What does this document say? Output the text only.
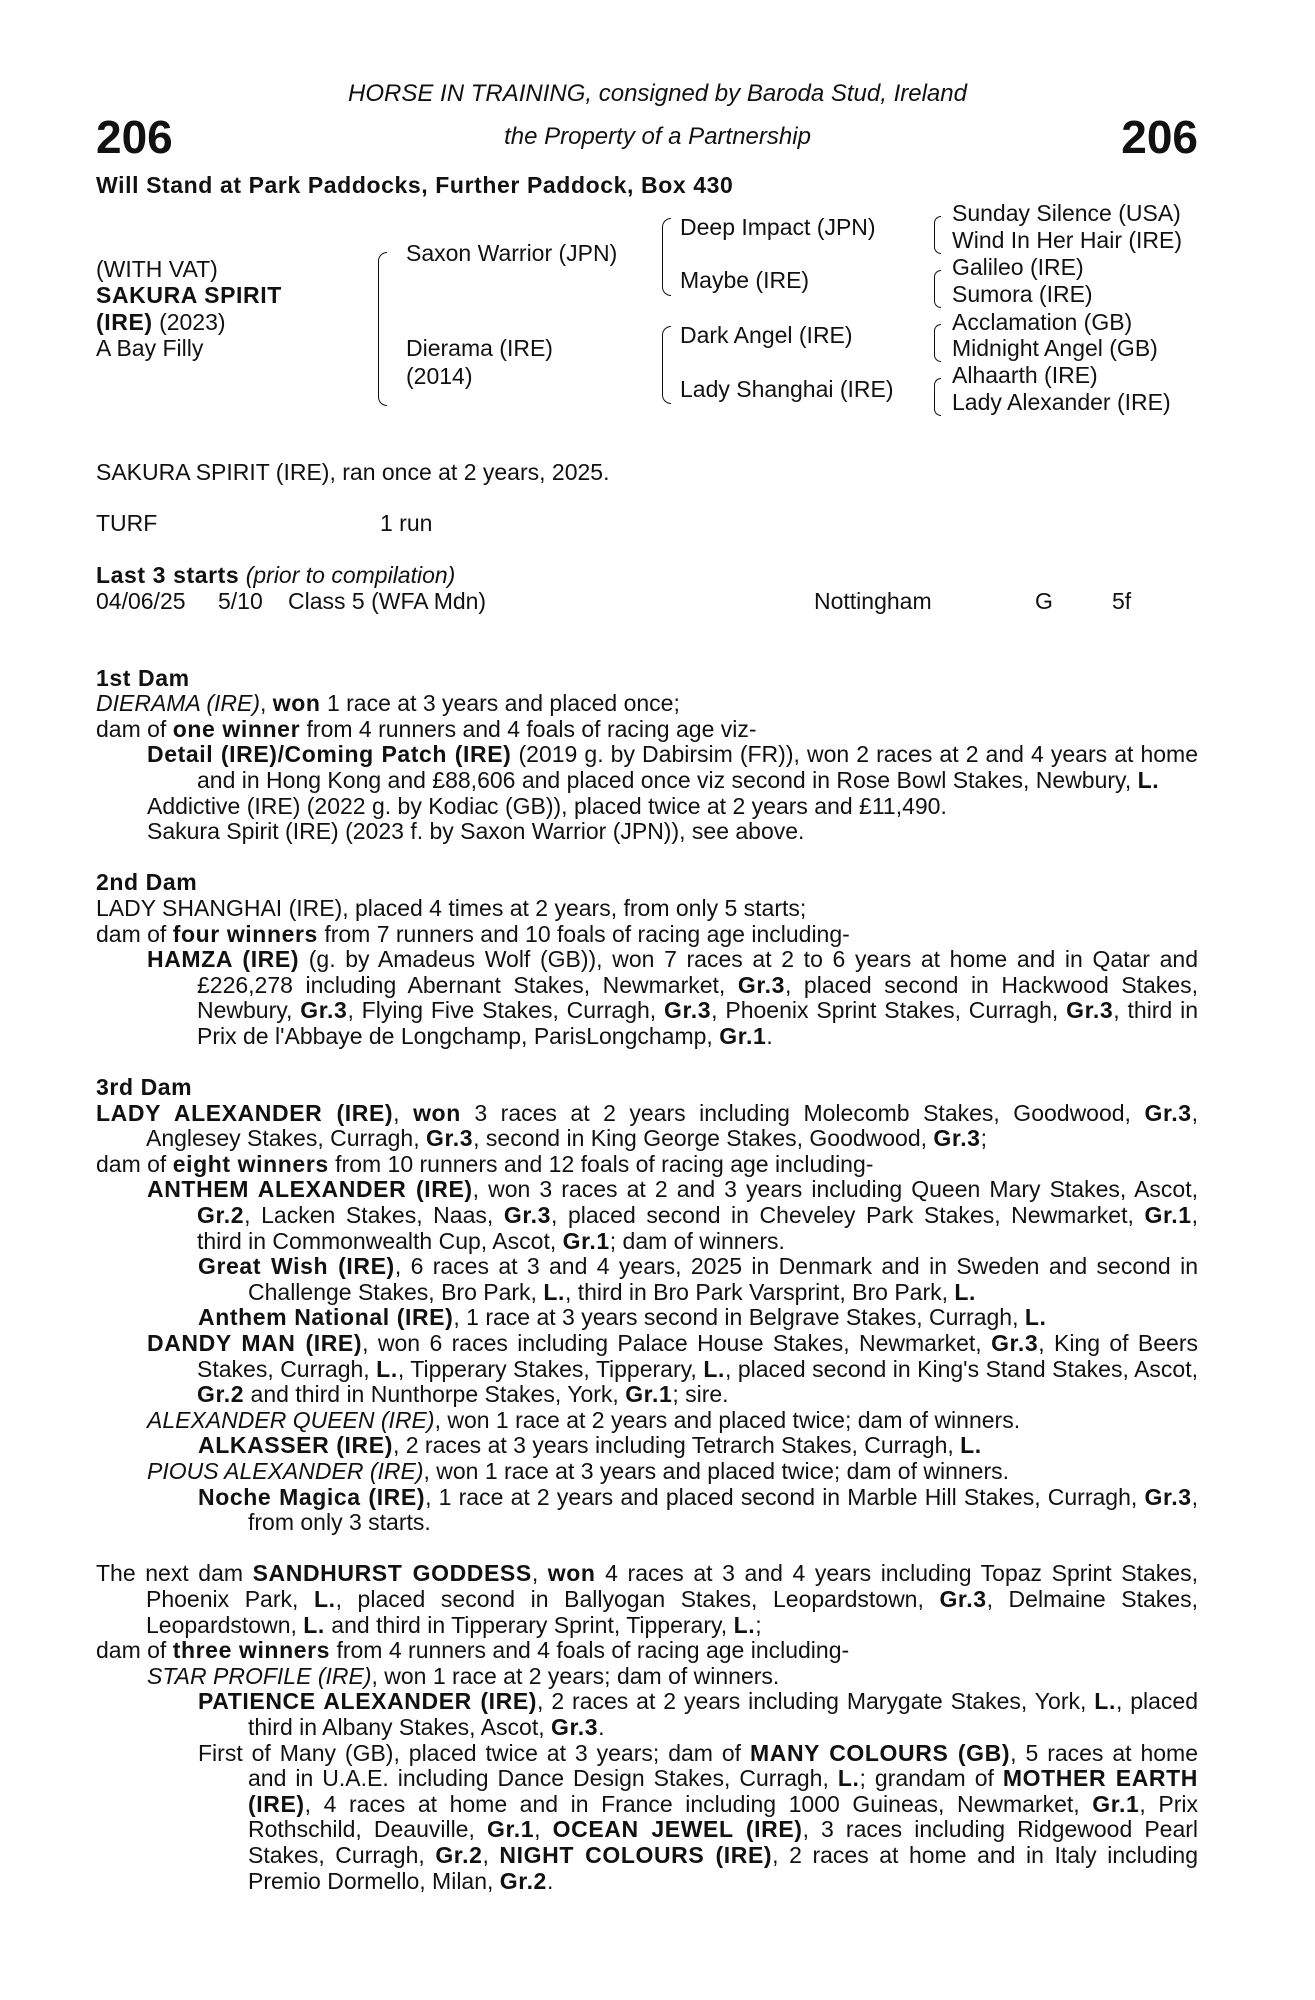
HORSE IN TRAINING, consigned by Baroda Stud, Ireland
206	the Property of a Partnership	206
Will Stand at Park Paddocks, Further Paddock, Box 430
(WITH VAT)
SAKURA SPIRIT
(IRE) (2023)
A Bay Filly
Saxon Warrior (JPN)
Dierama (IRE)
(2014)
Deep Impact (JPN)
Maybe (IRE)
Dark Angel (IRE)
Lady Shanghai (IRE)
Sunday Silence (USA)
Wind In Her Hair (IRE)
Galileo (IRE)
Sumora (IRE)
Acclamation (GB)
Midnight Angel (GB)
Alhaarth (IRE)
Lady Alexander (IRE)
SAKURA SPIRIT (IRE), ran once at 2 years, 2025.
TURF	1 run
Last 3 starts (prior to compilation)
04/06/25 5/10 Class 5 (WFA Mdn)	Nottingham	G	5f
1st Dam
DIERAMA (IRE), won 1 race at 3 years and placed once;
dam of one winner from 4 runners and 4 foals of racing age viz-
Detail (IRE)/Coming Patch (IRE) (2019 g. by Dabirsim (FR)), won 2 races at 2 and 4 years at home and in Hong Kong and £88,606 and placed once viz second in Rose Bowl Stakes, Newbury, L.
Addictive (IRE) (2022 g. by Kodiac (GB)), placed twice at 2 years and £11,490.
Sakura Spirit (IRE) (2023 f. by Saxon Warrior (JPN)), see above.
2nd Dam
LADY SHANGHAI (IRE), placed 4 times at 2 years, from only 5 starts;
dam of four winners from 7 runners and 10 foals of racing age including-
HAMZA (IRE) (g. by Amadeus Wolf (GB)), won 7 races at 2 to 6 years at home and in Qatar and £226,278 including Abernant Stakes, Newmarket, Gr.3, placed second in Hackwood Stakes, Newbury, Gr.3, Flying Five Stakes, Curragh, Gr.3, Phoenix Sprint Stakes, Curragh, Gr.3, third in Prix de l'Abbaye de Longchamp, ParisLongchamp, Gr.1.
3rd Dam
LADY ALEXANDER (IRE), won 3 races at 2 years including Molecomb Stakes, Goodwood, Gr.3, Anglesey Stakes, Curragh, Gr.3, second in King George Stakes, Goodwood, Gr.3;
dam of eight winners from 10 runners and 12 foals of racing age including-
ANTHEM ALEXANDER (IRE), won 3 races at 2 and 3 years including Queen Mary Stakes, Ascot, Gr.2, Lacken Stakes, Naas, Gr.3, placed second in Cheveley Park Stakes, Newmarket, Gr.1, third in Commonwealth Cup, Ascot, Gr.1; dam of winners.
Great Wish (IRE), 6 races at 3 and 4 years, 2025 in Denmark and in Sweden and second in Challenge Stakes, Bro Park, L., third in Bro Park Varsprint, Bro Park, L.
Anthem National (IRE), 1 race at 3 years second in Belgrave Stakes, Curragh, L.
DANDY MAN (IRE), won 6 races including Palace House Stakes, Newmarket, Gr.3, King of Beers Stakes, Curragh, L., Tipperary Stakes, Tipperary, L., placed second in King's Stand Stakes, Ascot, Gr.2 and third in Nunthorpe Stakes, York, Gr.1; sire.
ALEXANDER QUEEN (IRE), won 1 race at 2 years and placed twice; dam of winners.
ALKASSER (IRE), 2 races at 3 years including Tetrarch Stakes, Curragh, L.
PIOUS ALEXANDER (IRE), won 1 race at 3 years and placed twice; dam of winners.
Noche Magica (IRE), 1 race at 2 years and placed second in Marble Hill Stakes, Curragh, Gr.3, from only 3 starts.
The next dam SANDHURST GODDESS, won 4 races at 3 and 4 years including Topaz Sprint Stakes, Phoenix Park, L., placed second in Ballyogan Stakes, Leopardstown, Gr.3, Delmaine Stakes, Leopardstown, L. and third in Tipperary Sprint, Tipperary, L.;
dam of three winners from 4 runners and 4 foals of racing age including-
STAR PROFILE (IRE), won 1 race at 2 years; dam of winners.
PATIENCE ALEXANDER (IRE), 2 races at 2 years including Marygate Stakes, York, L., placed third in Albany Stakes, Ascot, Gr.3.
First of Many (GB), placed twice at 3 years; dam of MANY COLOURS (GB), 5 races at home and in U.A.E. including Dance Design Stakes, Curragh, L.; grandam of MOTHER EARTH (IRE), 4 races at home and in France including 1000 Guineas, Newmarket, Gr.1, Prix Rothschild, Deauville, Gr.1, OCEAN JEWEL (IRE), 3 races including Ridgewood Pearl Stakes, Curragh, Gr.2, NIGHT COLOURS (IRE), 2 races at home and in Italy including Premio Dormello, Milan, Gr.2.
